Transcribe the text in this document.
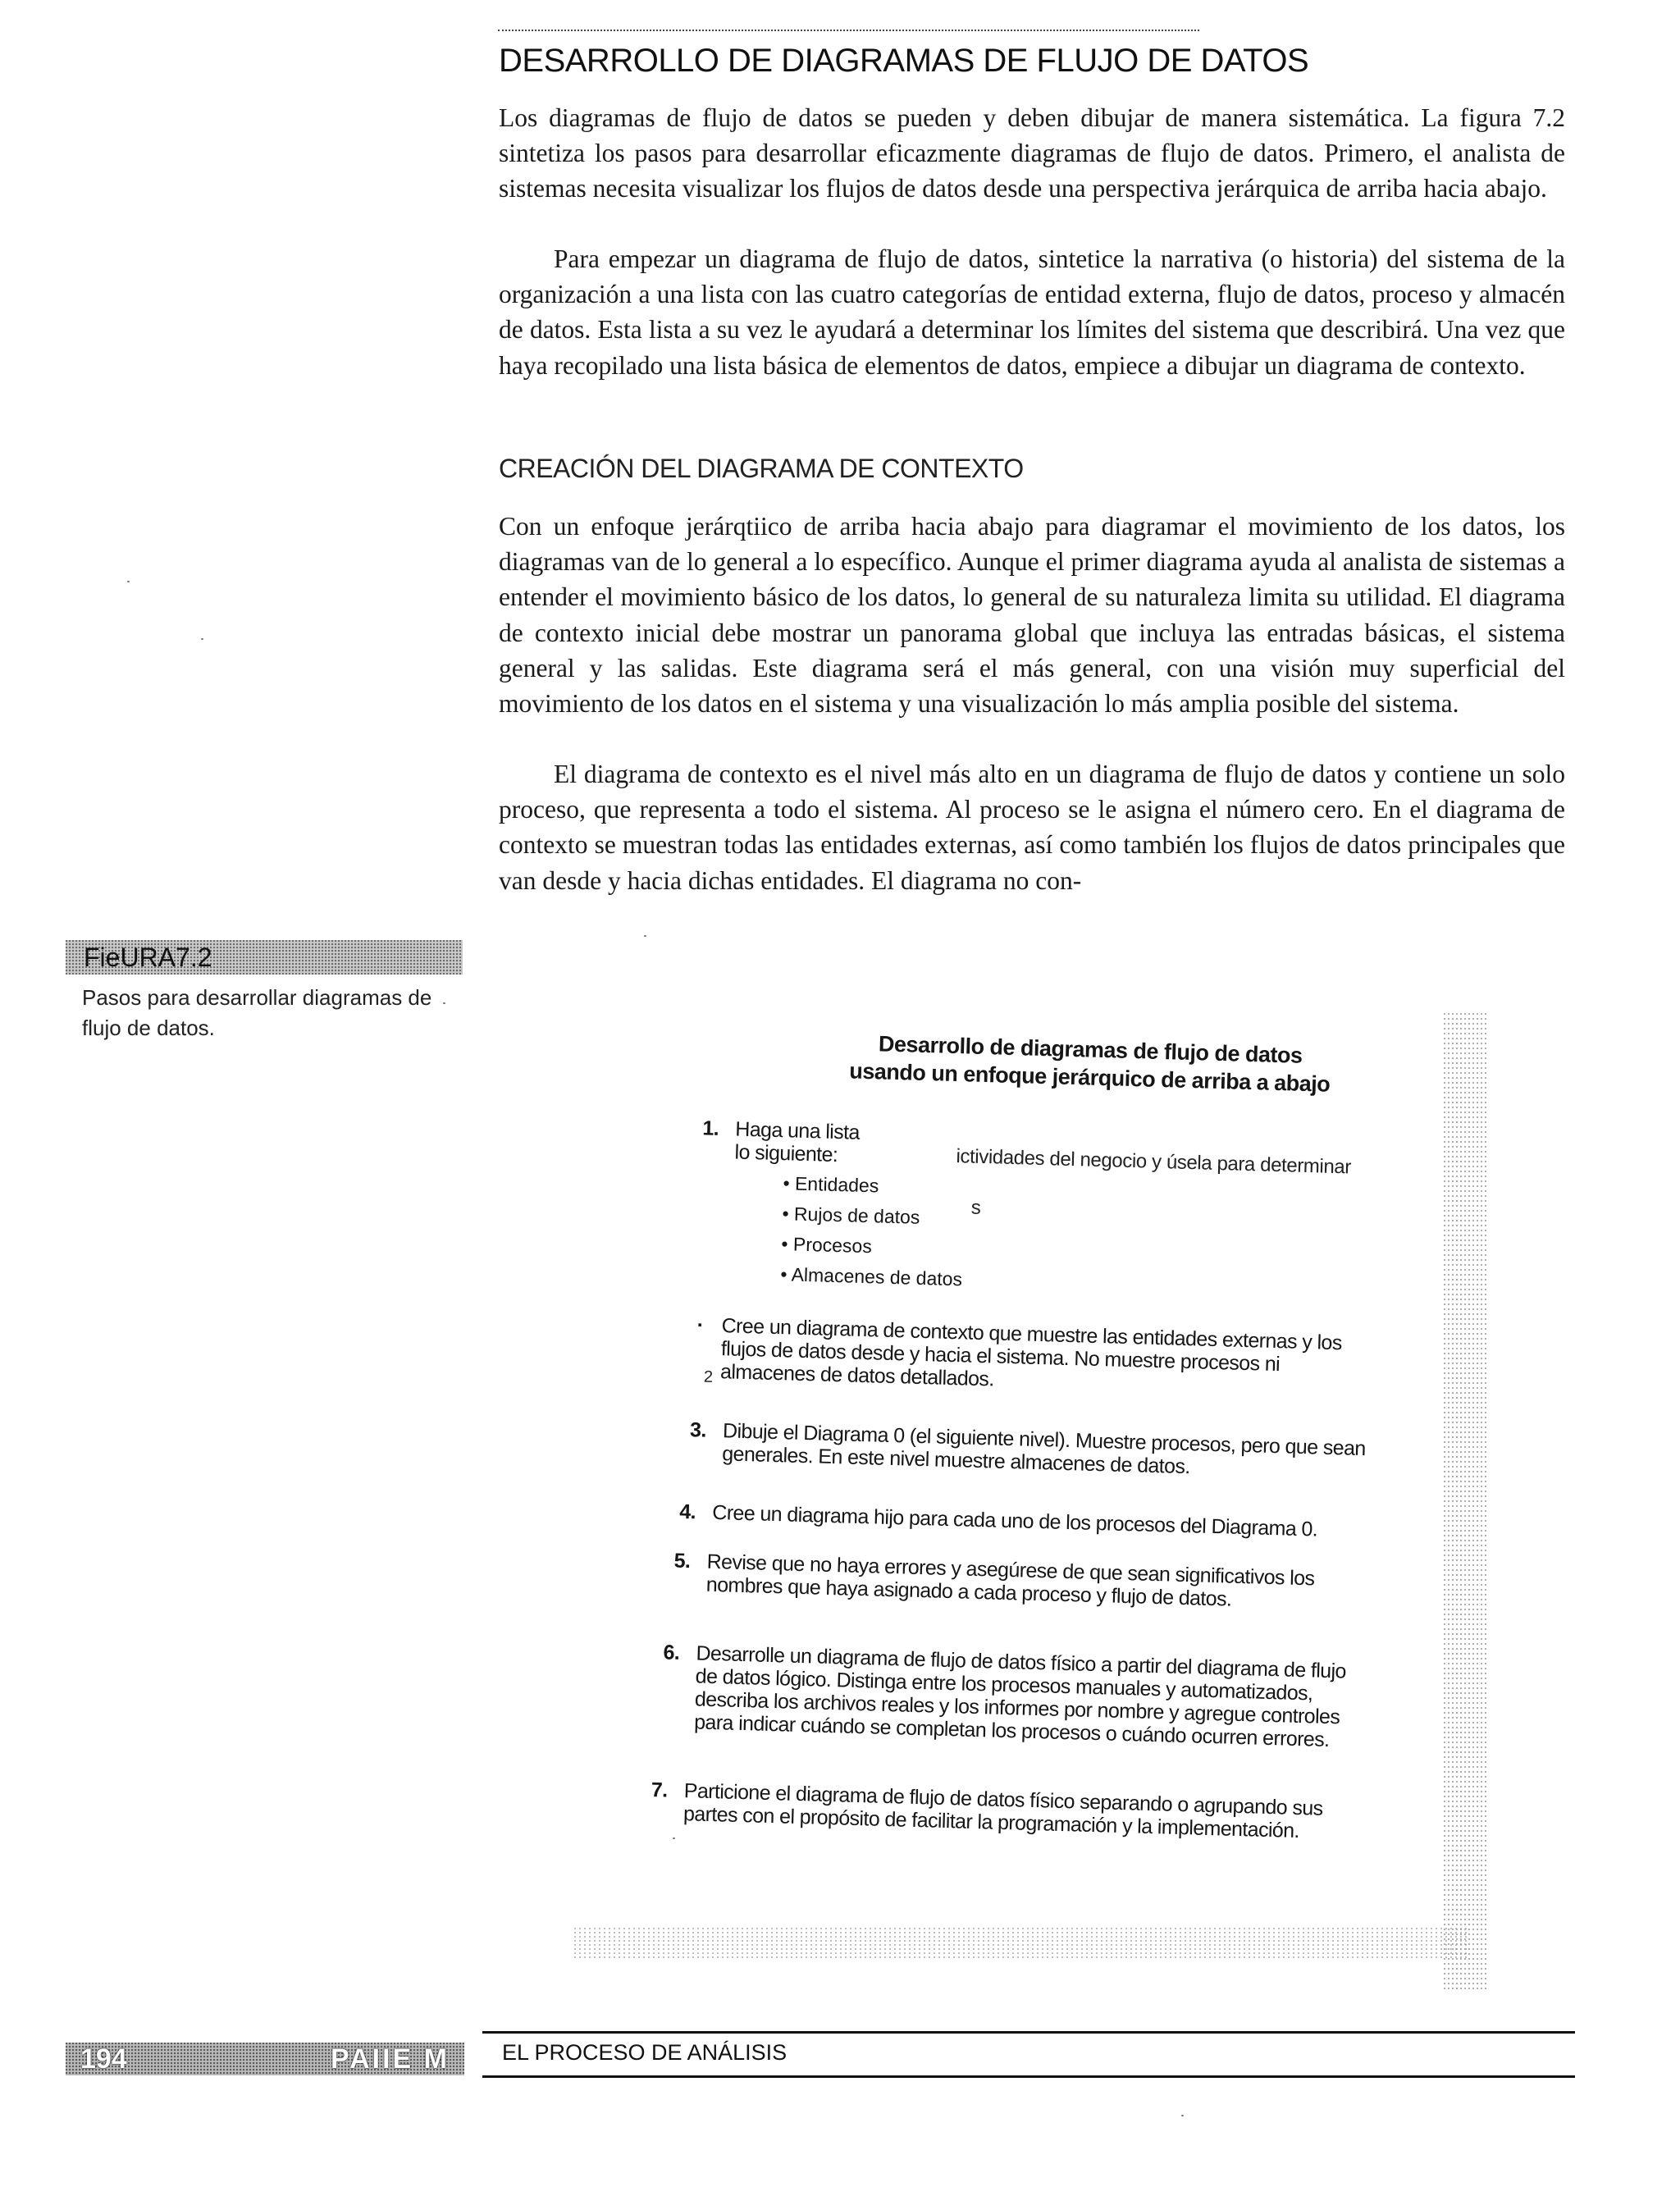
DESARROLLO DE DIAGRAMAS DE FLUJO DE DATOS

Los diagramas de flujo de datos se pueden y deben dibujar de manera sistemática. La figura 7.2 sintetiza los pasos para desarrollar eficazmente diagramas de flujo de datos. Primero, el analista de sistemas necesita visualizar los flujos de datos desde una perspectiva jerárquica de arriba hacia abajo.

Para empezar un diagrama de flujo de datos, sintetice la narrativa (o historia) del sistema de la organización a una lista con las cuatro categorías de entidad externa, flujo de datos, proceso y almacén de datos. Esta lista a su vez le ayudará a determinar los límites del sistema que describirá. Una vez que haya recopilado una lista básica de elementos de datos, empiece a dibujar un diagrama de contexto.

CREACIÓN DEL DIAGRAMA DE CONTEXTO

Con un enfoque jerárqtiico de arriba hacia abajo para diagramar el movimiento de los datos, los diagramas van de lo general a lo específico. Aunque el primer diagrama ayuda al analista de sistemas a entender el movimiento básico de los datos, lo general de su naturaleza limita su utilidad. El diagrama de contexto inicial debe mostrar un panorama global que incluya las entradas básicas, el sistema general y las salidas. Este diagrama será el más general, con una visión muy superficial del movimiento de los datos en el sistema y una visualización lo más amplia posible del sistema.

El diagrama de contexto es el nivel más alto en un diagrama de flujo de datos y contiene un solo proceso, que representa a todo el sistema. Al proceso se le asigna el número cero. En el diagrama de contexto se muestran todas las entidades externas, así como también los flujos de datos principales que van desde y hacia dichas entidades. El diagrama no con-

FieURA7.2
Pasos para desarrollar diagramas de flujo de datos.
Desarrollo de diagramas de flujo de datos
usando un enfoque jerárquico de arriba a abajo
1. Haga una lista
lo siguiente:	ictividades del negocio y úsela para determinar
s
• Entidades
• Rujos de datos
• Procesos
• Almacenes de datos
· Cree un diagrama de contexto que muestre las entidades externas y los flujos de datos desde y hacia el sistema. No muestre procesos ni almacenes de datos detallados.
2
3. Dibuje el Diagrama 0 (el siguiente nivel). Muestre procesos, pero que sean generales. En este nivel muestre almacenes de datos.
4. Cree un diagrama hijo para cada uno de los procesos del Diagrama 0.
5. Revise que no haya errores y asegúrese de que sean significativos los nombres que haya asignado a cada proceso y flujo de datos.
6. Desarrolle un diagrama de flujo de datos físico a partir del diagrama de flujo de datos lógico. Distinga entre los procesos manuales y automatizados, describa los archivos reales y los informes por nombre y agregue controles para indicar cuándo se completan los procesos o cuándo ocurren errores.
7. Particione el diagrama de flujo de datos físico separando o agrupando sus partes con el propósito de facilitar la programación y la implementación.
194	PAIIE M EL PROCESO DE ANÁLISIS
